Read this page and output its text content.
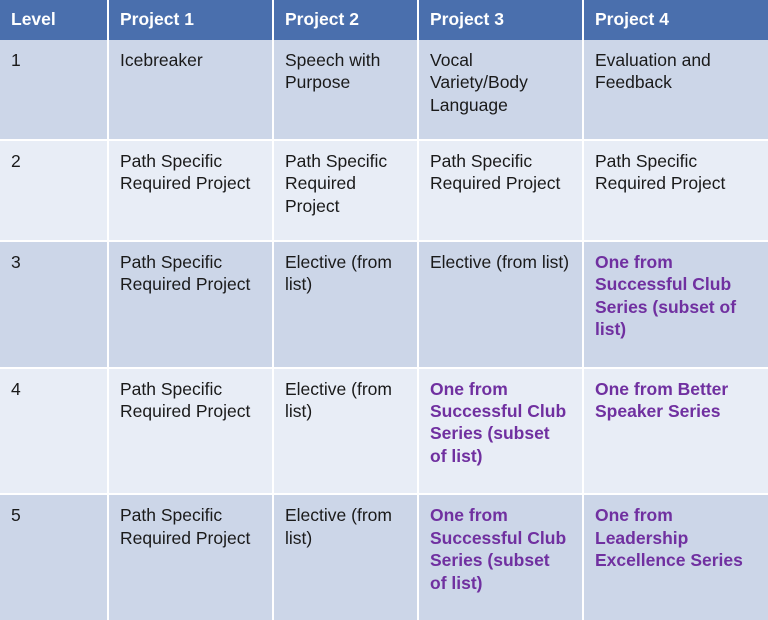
Level	Project 1	Project 2	Project 3	Project 4
1	Icebreaker	Speech with Purpose	Vocal Variety/Body Language	Evaluation and Feedback
2	Path Specific Required Project	Path Specific Required Project	Path Specific Required Project	Path Specific Required Project
3	Path Specific Required Project	Elective (from list)	Elective (from list)	One from Successful Club Series (subset of list)
4	Path Specific Required Project	Elective (from list)	One from Successful Club Series (subset of list)	One from Better Speaker Series
5	Path Specific Required Project	Elective (from list)	One from Successful Club Series (subset of list)	One from Leadership Excellence Series
